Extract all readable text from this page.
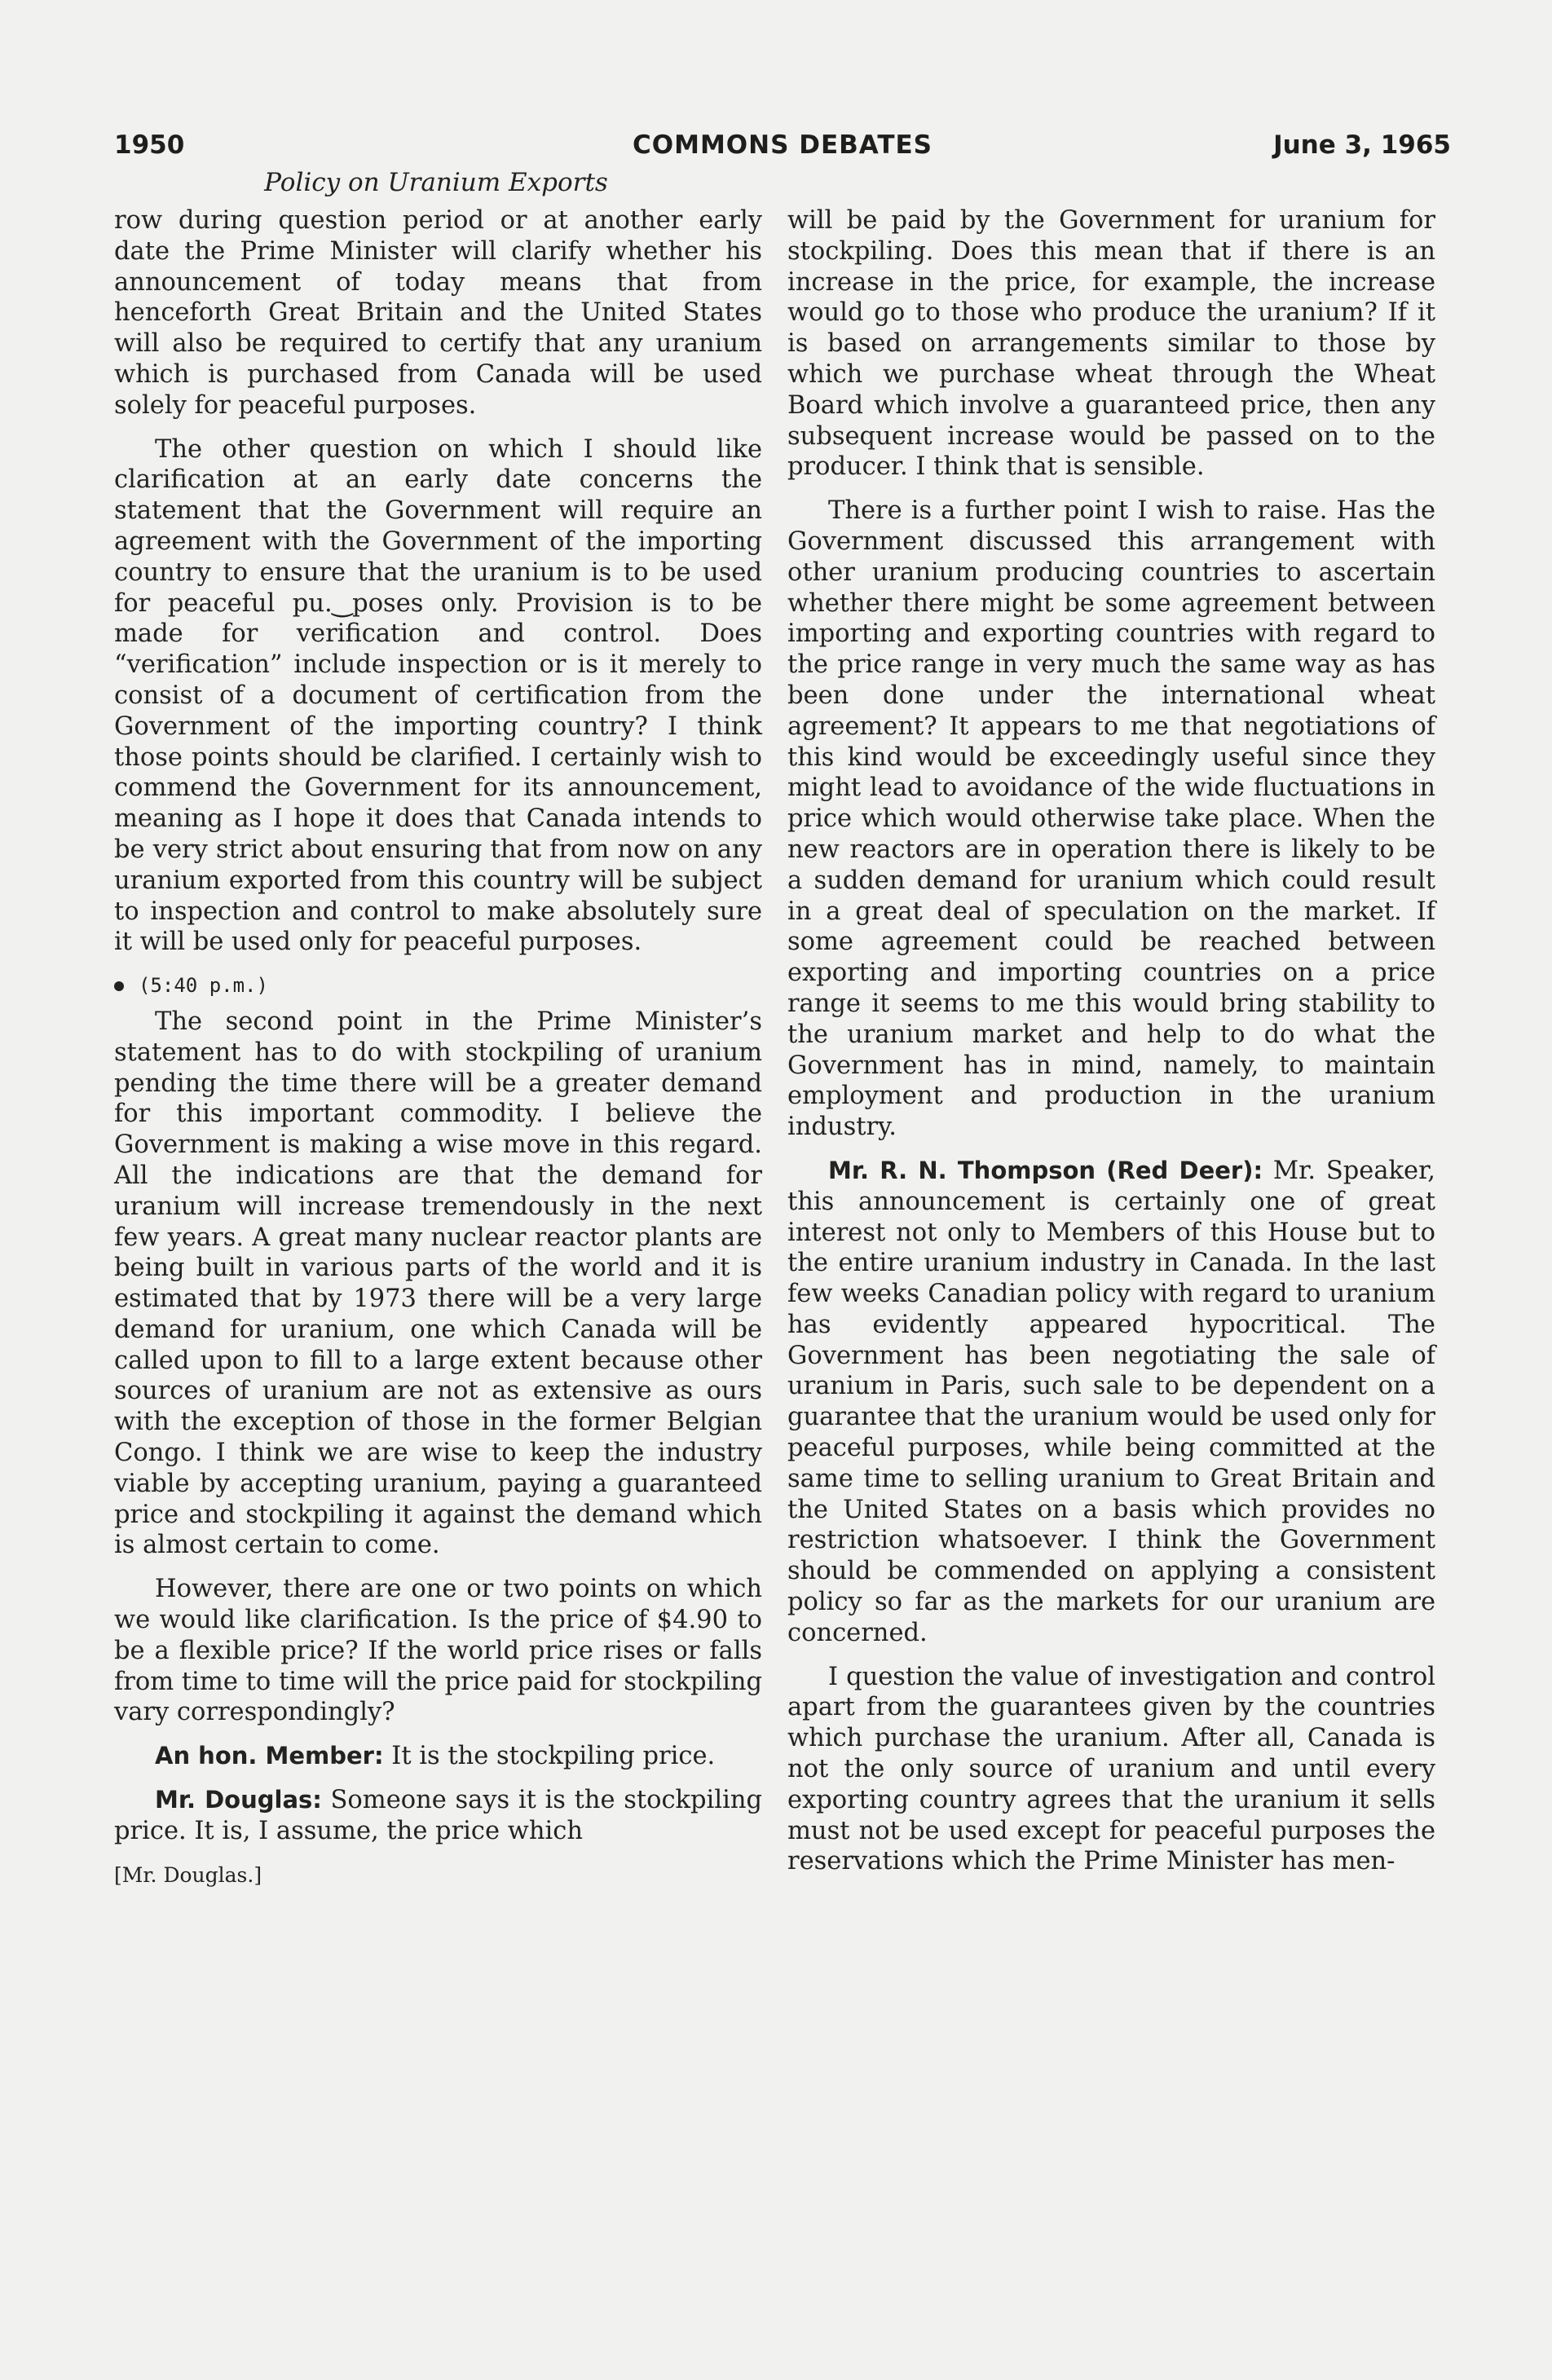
1950	COMMONS DEBATES	June 3, 1965
Policy on Uranium Exports

row during question period or at another early date the Prime Minister will clarify whether his announcement of today means that from henceforth Great Britain and the United States will also be required to certify that any uranium which is purchased from Canada will be used solely for peaceful purposes.

The other question on which I should like clarification at an early date concerns the statement that the Government will require an agreement with the Government of the importing country to ensure that the uranium is to be used for peaceful pu.‿poses only. Provision is to be made for verification and control. Does “verification” include inspection or is it merely to consist of a document of certification from the Government of the importing country? I think those points should be clarified. I certainly wish to commend the Government for its announcement, meaning as I hope it does that Canada intends to be very strict about ensuring that from now on any uranium exported from this country will be subject to inspection and control to make absolutely sure it will be used only for peaceful purposes.

(5:40 p.m.)

The second point in the Prime Minister’s statement has to do with stockpiling of uranium pending the time there will be a greater demand for this important commodity. I believe the Government is making a wise move in this regard. All the indications are that the demand for uranium will increase tremendously in the next few years. A great many nuclear reactor plants are being built in various parts of the world and it is estimated that by 1973 there will be a very large demand for uranium, one which Canada will be called upon to fill to a large extent because other sources of uranium are not as extensive as ours with the exception of those in the former Belgian Congo. I think we are wise to keep the industry viable by accepting uranium, paying a guaranteed price and stockpiling it against the demand which is almost certain to come.

However, there are one or two points on which we would like clarification. Is the price of $4.90 to be a flexible price? If the world price rises or falls from time to time will the price paid for stockpiling vary correspondingly?

An hon. Member: It is the stockpiling price.

Mr. Douglas: Someone says it is the stockpiling price. It is, I assume, the price which

[Mr. Douglas.]

will be paid by the Government for uranium for stockpiling. Does this mean that if there is an increase in the price, for example, the increase would go to those who produce the uranium? If it is based on arrangements similar to those by which we purchase wheat through the Wheat Board which involve a guaranteed price, then any subsequent increase would be passed on to the producer. I think that is sensible.

There is a further point I wish to raise. Has the Government discussed this arrangement with other uranium producing countries to ascertain whether there might be some agreement between importing and exporting countries with regard to the price range in very much the same way as has been done under the international wheat agreement? It appears to me that negotiations of this kind would be exceedingly useful since they might lead to avoidance of the wide fluctuations in price which would otherwise take place. When the new reactors are in operation there is likely to be a sudden demand for uranium which could result in a great deal of speculation on the market. If some agreement could be reached between exporting and importing countries on a price range it seems to me this would bring stability to the uranium market and help to do what the Government has in mind, namely, to maintain employment and production in the uranium industry.

Mr. R. N. Thompson (Red Deer): Mr. Speaker, this announcement is certainly one of great interest not only to Members of this House but to the entire uranium industry in Canada. In the last few weeks Canadian policy with regard to uranium has evidently appeared hypocritical. The Government has been negotiating the sale of uranium in Paris, such sale to be dependent on a guarantee that the uranium would be used only for peaceful purposes, while being committed at the same time to selling uranium to Great Britain and the United States on a basis which provides no restriction whatsoever. I think the Government should be commended on applying a consistent policy so far as the markets for our uranium are concerned.

I question the value of investigation and control apart from the guarantees given by the countries which purchase the uranium. After all, Canada is not the only source of uranium and until every exporting country agrees that the uranium it sells must not be used except for peaceful purposes the reservations which the Prime Minister has men-
